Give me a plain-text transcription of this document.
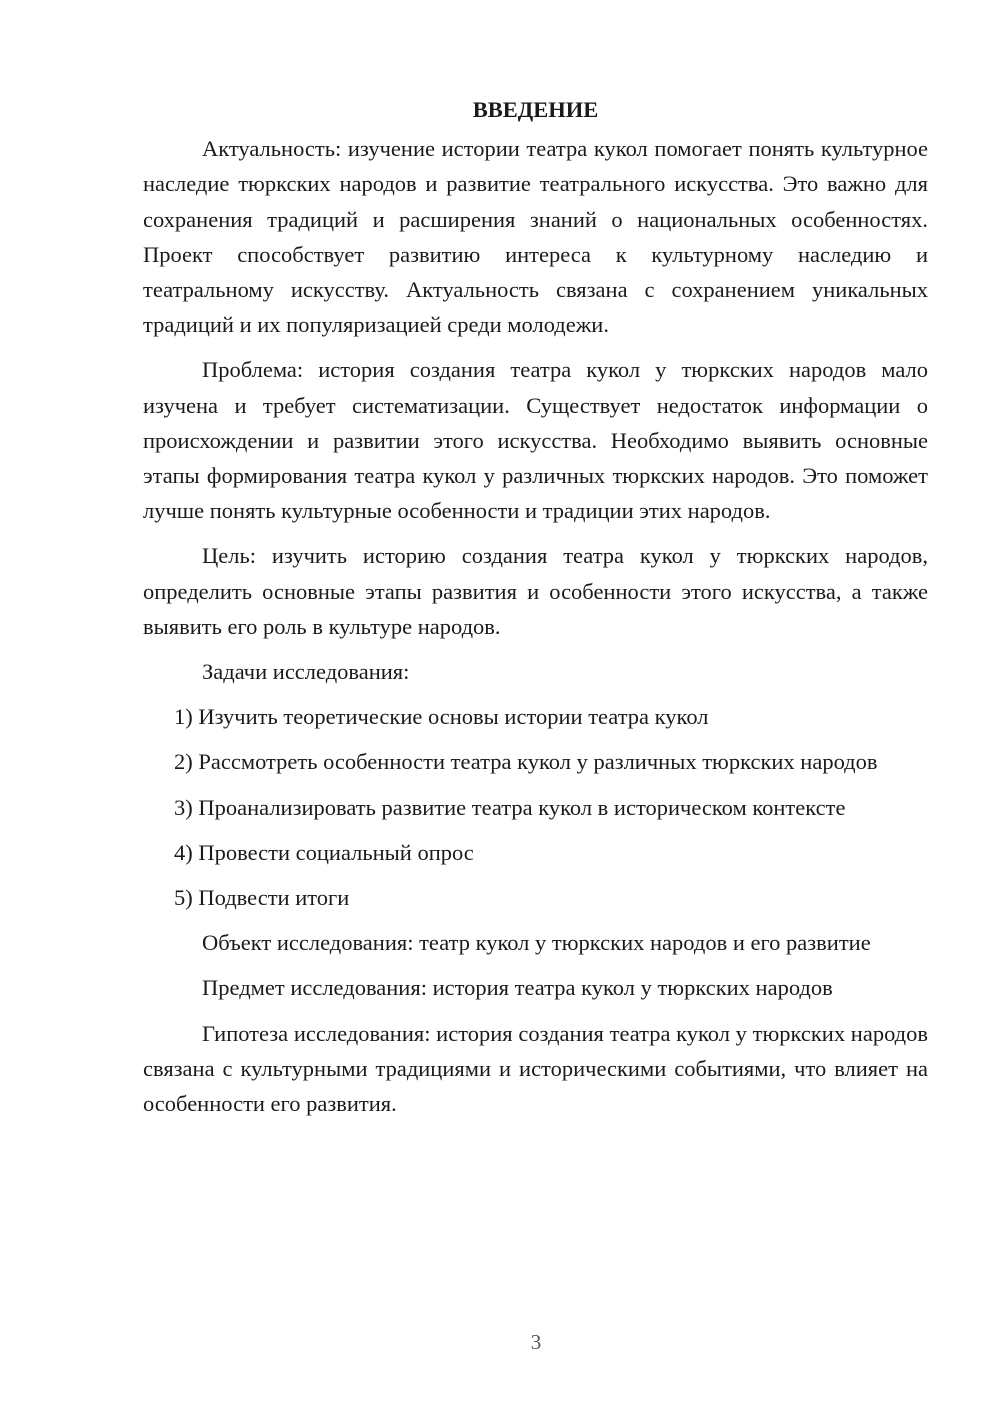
ВВЕДЕНИЕ

Актуальность: изучение истории театра кукол помогает понять культурное наследие тюркских народов и развитие театрального искусства. Это важно для сохранения традиций и расширения знаний о национальных особенностях. Проект способствует развитию интереса к культурному наследию и театральному искусству. Актуальность связана с сохранением уникальных традиций и их популяризацией среди молодежи.

Проблема: история создания театра кукол у тюркских народов мало изучена и требует систематизации. Существует недостаток информации о происхождении и развитии этого искусства. Необходимо выявить основные этапы формирования театра кукол у различных тюркских народов. Это поможет лучше понять культурные особенности и традиции этих народов.

Цель: изучить историю создания театра кукол у тюркских народов, определить основные этапы развития и особенности этого искусства, а также выявить его роль в культуре народов.

Задачи исследования:

1) Изучить теоретические основы истории театра кукол

2) Рассмотреть особенности театра кукол у различных тюркских народов

3) Проанализировать развитие театра кукол в историческом контексте

4) Провести социальный опрос

5) Подвести итоги

Объект исследования: театр кукол у тюркских народов и его развитие

Предмет исследования: история театра кукол у тюркских народов

Гипотеза исследования: история создания театра кукол у тюркских народов связана с культурными традициями и историческими событиями, что влияет на особенности его развития.

3
